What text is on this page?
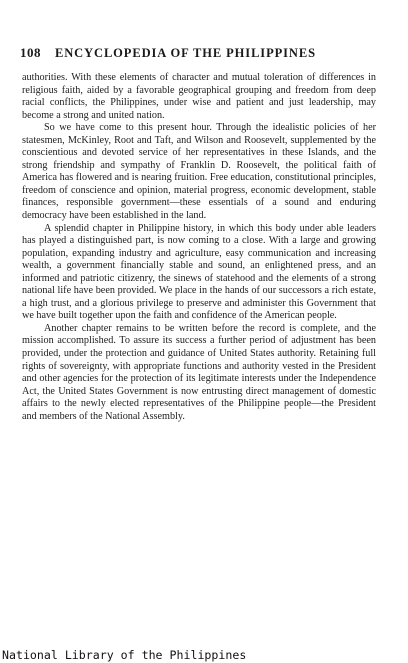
108 ENCYCLOPEDIA OF THE PHILIPPINES

authorities. With these elements of character and mutual toleration of differences in religious faith, aided by a favorable geographical grouping and freedom from deep racial conflicts, the Philippines, under wise and patient and just leadership, may become a strong and united nation.

So we have come to this present hour. Through the idealistic policies of her statesmen, McKinley, Root and Taft, and Wilson and Roosevelt, supplemented by the conscientious and devoted service of her representatives in these Islands, and the strong friendship and sympathy of Franklin D. Roosevelt, the political faith of America has flowered and is nearing fruition. Free education, constitutional principles, freedom of conscience and opinion, material progress, economic development, stable finances, responsible government—these essentials of a sound and enduring democracy have been established in the land.

A splendid chapter in Philippine history, in which this body under able leaders has played a distinguished part, is now coming to a close. With a large and growing population, expanding industry and agriculture, easy communication and increasing wealth, a government financially stable and sound, an enlightened press, and an informed and patriotic citizenry, the sinews of statehood and the elements of a strong national life have been provided. We place in the hands of our successors a rich estate, a high trust, and a glorious privilege to preserve and administer this Government that we have built together upon the faith and confidence of the American people.

Another chapter remains to be written before the record is complete, and the mission accomplished. To assure its success a further period of adjustment has been provided, under the protection and guidance of United States authority. Retaining full rights of sovereignty, with appropriate functions and authority vested in the President and other agencies for the protection of its legitimate interests under the Independence Act, the United States Government is now entrusting direct management of domestic affairs to the newly elected representatives of the Philippine people—the President and members of the National Assembly.

National Library of the Philippines
